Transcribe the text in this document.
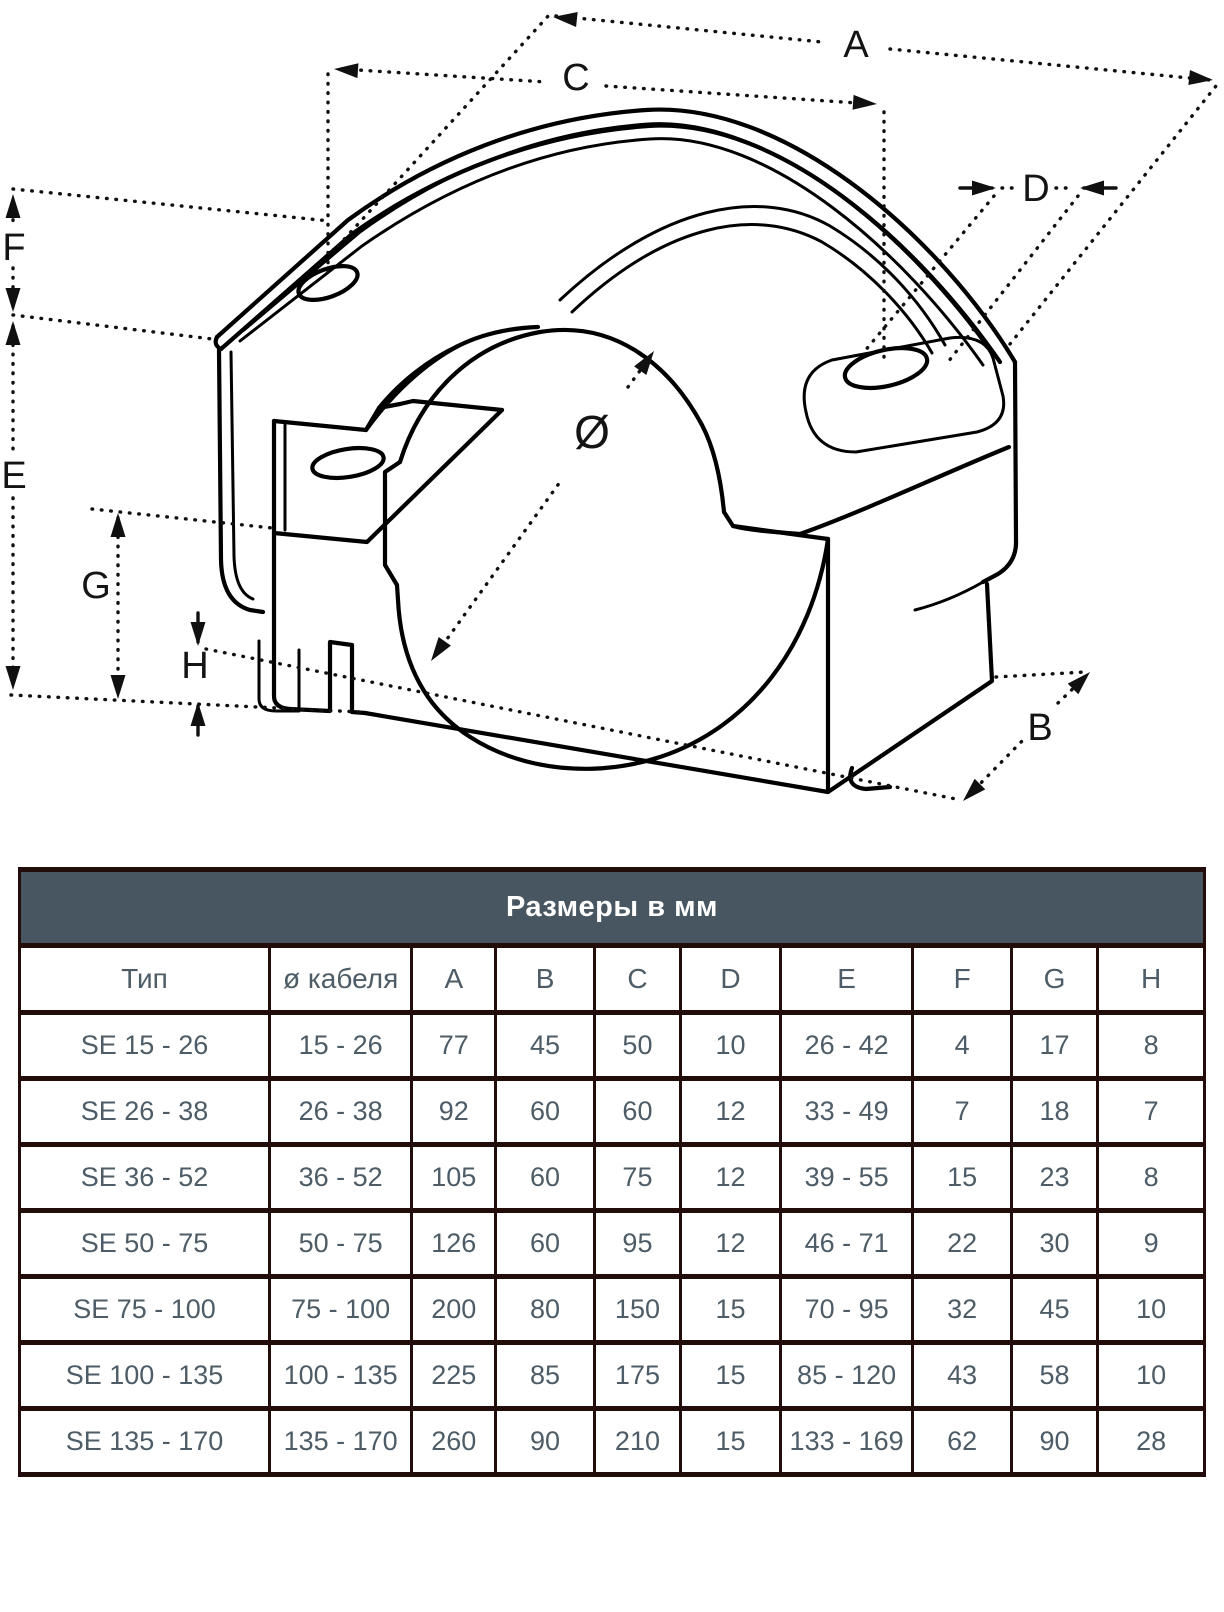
A
C
D
F
E
G
H
B
Ø
Размеры в мм									
Тип	ø кабеля	A	B	C	D	E	F	G	H
SE 15 - 26	15 - 26	77	45	50	10	26 - 42	4	17	8
SE 26 - 38	26 - 38	92	60	60	12	33 - 49	7	18	7
SE 36 - 52	36 - 52	105	60	75	12	39 - 55	15	23	8
SE 50 - 75	50 - 75	126	60	95	12	46 - 71	22	30	9
SE 75 - 100	75 - 100	200	80	150	15	70 - 95	32	45	10
SE 100 - 135	100 - 135	225	85	175	15	85 - 120	43	58	10
SE 135 - 170	135 - 170	260	90	210	15	133 - 169	62	90	28
